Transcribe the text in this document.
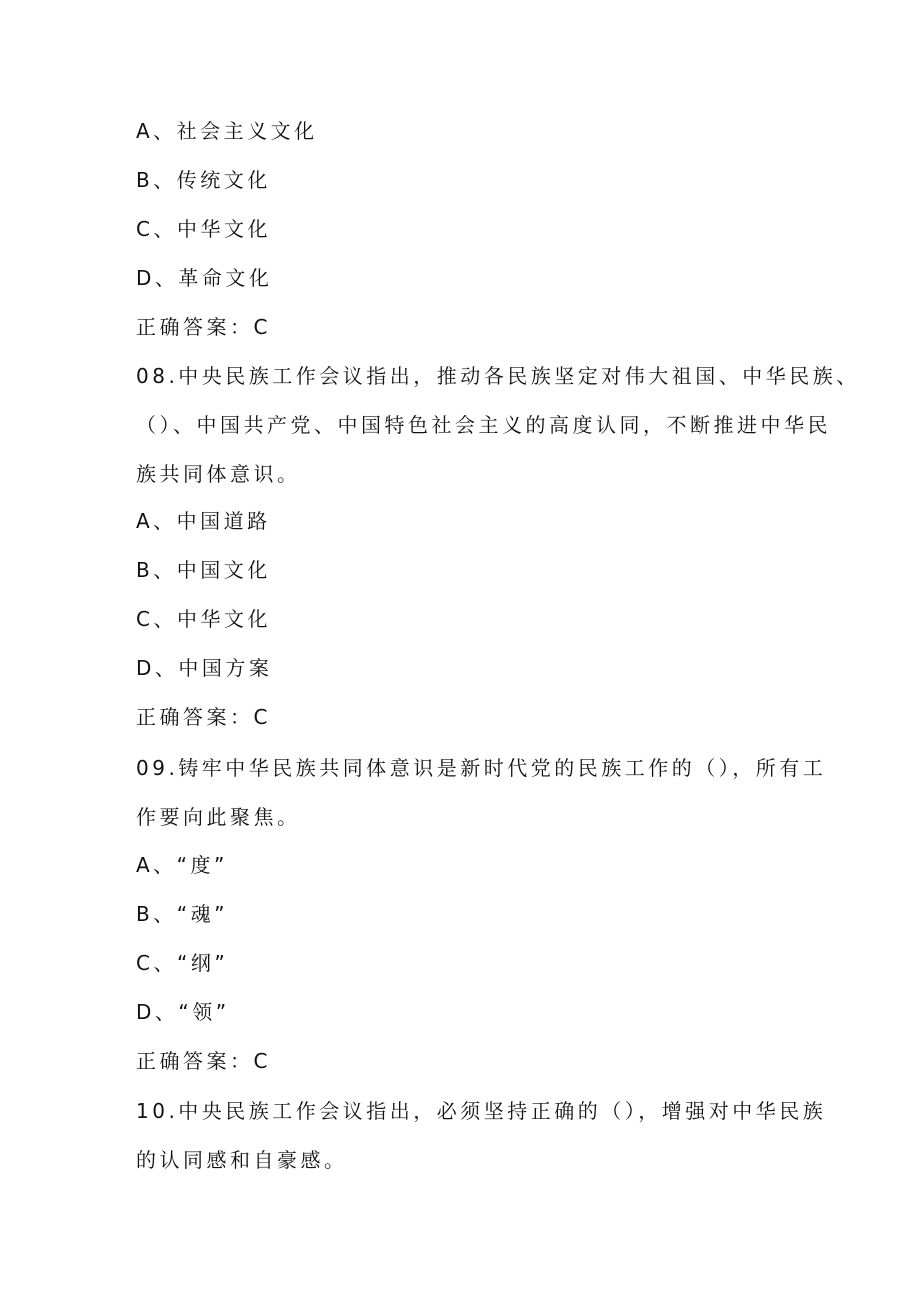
A、社会主义文化
B、传统文化
C、中华文化
D、革命文化
正确答案：C
08.中央民族工作会议指出，推动各民族坚定对伟大祖国、中华民族、
（）、中国共产党、中国特色社会主义的高度认同，不断推进中华民
族共同体意识。
A、中国道路
B、中国文化
C、中华文化
D、中国方案
正确答案：C
09.铸牢中华民族共同体意识是新时代党的民族工作的（），所有工
作要向此聚焦。
A、“度”
B、“魂”
C、“纲”
D、“领”
正确答案：C
10.中央民族工作会议指出，必须坚持正确的（），增强对中华民族
的认同感和自豪感。
